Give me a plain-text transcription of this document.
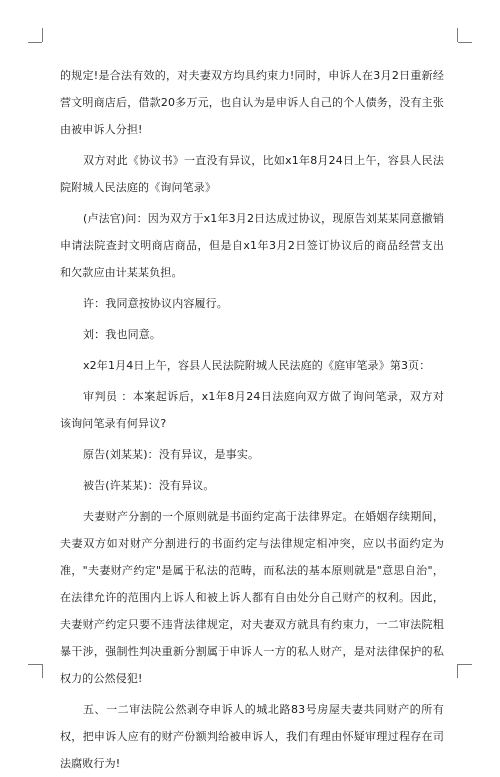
的规定!是合法有效的，对夫妻双方均具约束力!同时，申诉人在3月2日重新经营文明商店后，借款20多万元，也自认为是申诉人自己的个人债务，没有主张由被申诉人分担!

双方对此《协议书》一直没有异议，比如x1年8月24日上午，容县人民法院附城人民法庭的《询问笔录》

(卢法官)问：因为双方于x1年3月2日达成过协议，现原告刘某某同意撤销申请法院查封文明商店商品，但是自x1年3月2日签订协议后的商品经营支出和欠款应由计某某负担。

许：我同意按协议内容履行。

刘：我也同意。

x2年1月4日上午，容县人民法院附城人民法庭的《庭审笔录》第3页：

审判员 ：本案起诉后，x1年8月24日法庭向双方做了询问笔录，双方对该询问笔录有何异议?

原告(刘某某)：没有异议，是事实。

被告(许某某)：没有异议。

夫妻财产分割的一个原则就是书面约定高于法律界定。在婚姻存续期间，夫妻双方如对财产分割进行的书面约定与法律规定相冲突，应以书面约定为准，"夫妻财产约定"是属于私法的范畴，而私法的基本原则就是"意思自治"，在法律允许的范围内上诉人和被上诉人都有自由处分自己财产的权利。因此，夫妻财产约定只要不违背法律规定，对夫妻双方就具有约束力，一二审法院粗暴干涉，强制性判决重新分割属于申诉人一方的私人财产，是对法律保护的私权力的公然侵犯!

五、一二审法院公然剥夺申诉人的城北路83号房屋夫妻共同财产的所有权，把申诉人应有的财产份额判给被申诉人，我们有理由怀疑审理过程存在司法腐败行为!
